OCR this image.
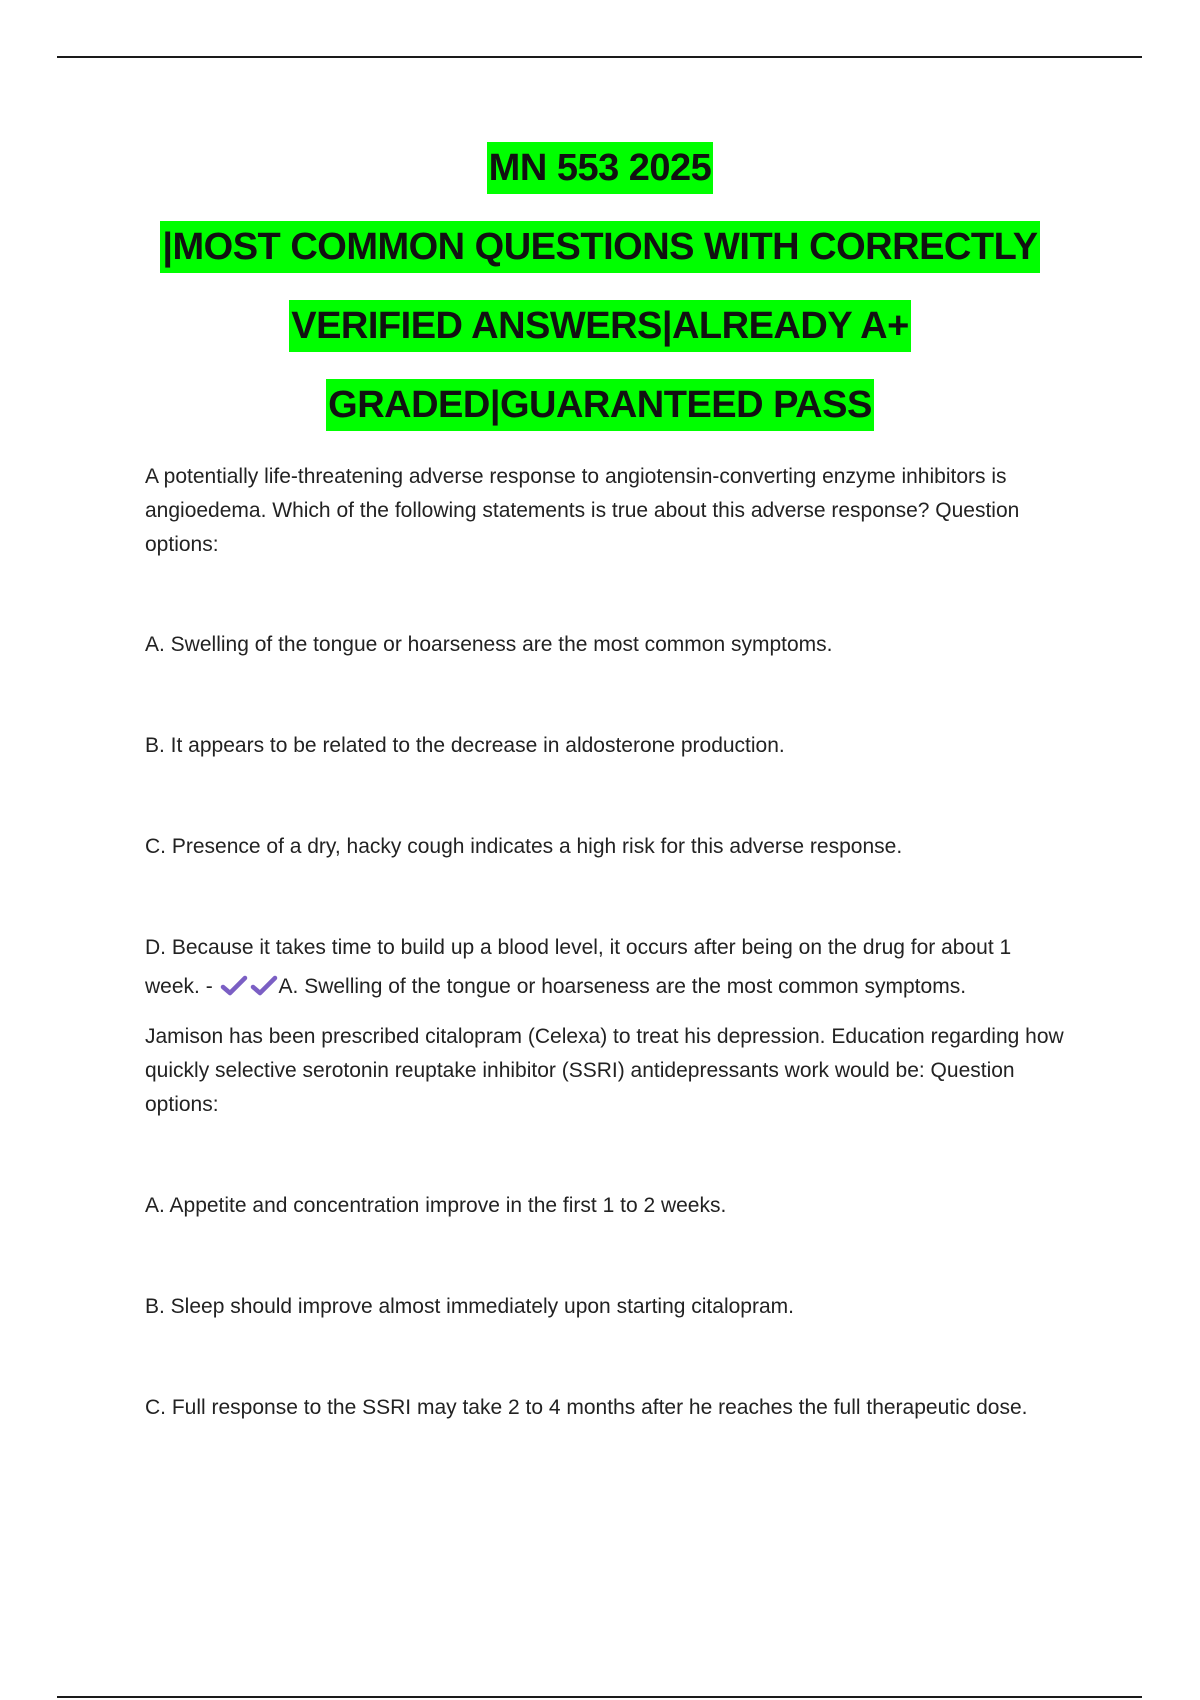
MN 553 2025
|MOST COMMON QUESTIONS WITH CORRECTLY
VERIFIED ANSWERS|ALREADY A+
GRADED|GUARANTEED PASS

A potentially life-threatening adverse response to angiotensin-converting enzyme inhibitors is angioedema. Which of the following statements is true about this adverse response? Question options:

A. Swelling of the tongue or hoarseness are the most common symptoms.

B. It appears to be related to the decrease in aldosterone production.

C. Presence of a dry, hacky cough indicates a high risk for this adverse response.

D. Because it takes time to build up a blood level, it occurs after being on the drug for about 1

week. -	A. Swelling of the tongue or hoarseness are the most common symptoms.

Jamison has been prescribed citalopram (Celexa) to treat his depression. Education regarding how quickly selective serotonin reuptake inhibitor (SSRI) antidepressants work would be: Question options:

A. Appetite and concentration improve in the first 1 to 2 weeks.

B. Sleep should improve almost immediately upon starting citalopram.

C. Full response to the SSRI may take 2 to 4 months after he reaches the full therapeutic dose.
